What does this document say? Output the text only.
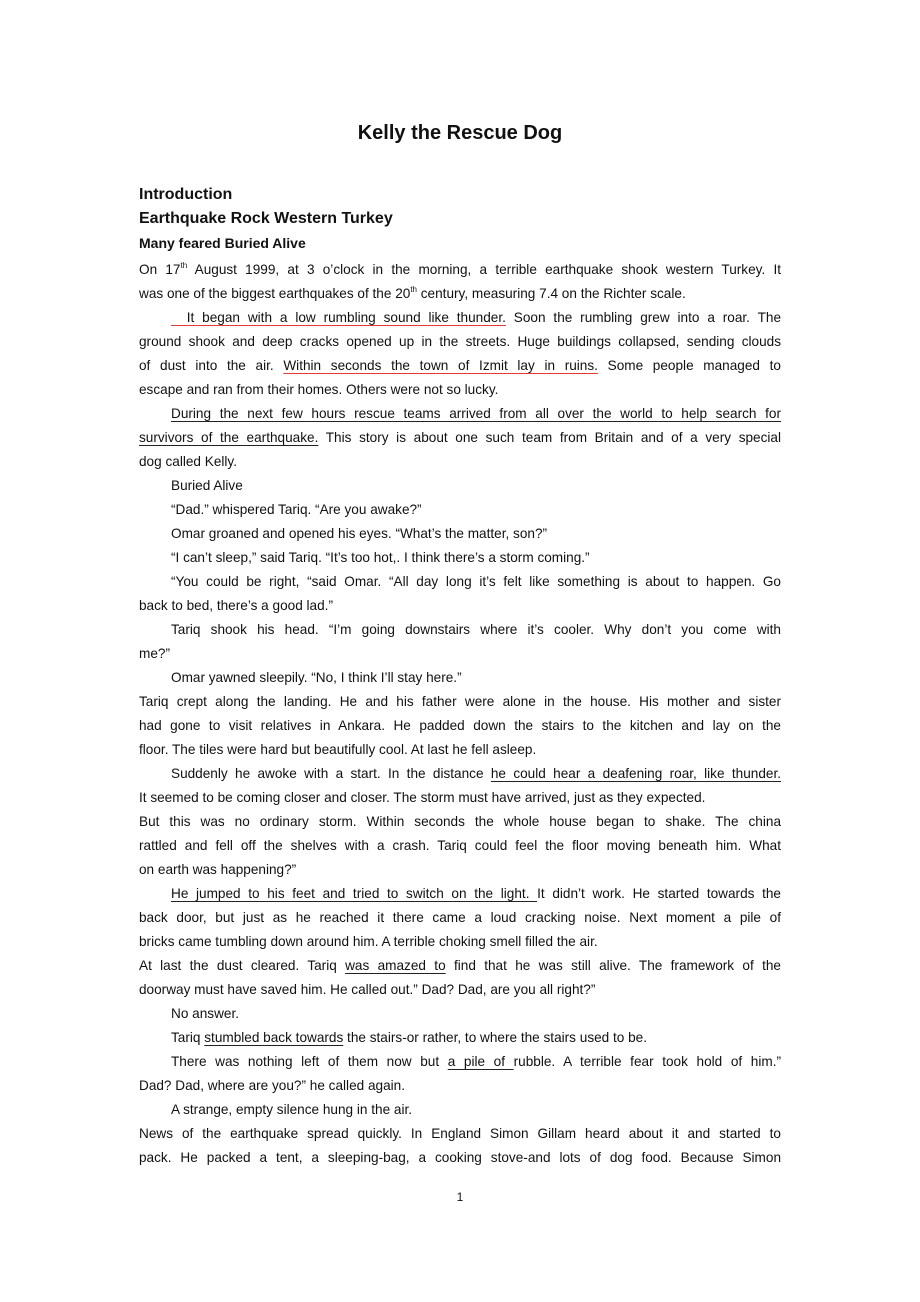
Kelly the Rescue Dog
Introduction
Earthquake Rock Western Turkey
Many feared Buried Alive
On 17th August 1999, at 3 o’clock in the morning, a terrible earthquake shook western Turkey. It
was one of the biggest earthquakes of the 20th century, measuring 7.4 on the Richter scale.
It began with a low rumbling sound like thunder. Soon the rumbling grew into a roar. The
ground shook and deep cracks opened up in the streets. Huge buildings collapsed, sending clouds
of dust into the air. Within seconds the town of Izmit lay in ruins. Some people managed to
escape and ran from their homes. Others were not so lucky.
During the next few hours rescue teams arrived from all over the world to help search for
survivors of the earthquake. This story is about one such team from Britain and of a very special
dog called Kelly.
Buried Alive
“Dad.” whispered Tariq. “Are you awake?”
Omar groaned and opened his eyes. “What’s the matter, son?”
“I can’t sleep,” said Tariq. “It’s too hot,. I think there’s a storm coming.”
“You could be right, “said Omar. “All day long it’s felt like something is about to happen. Go
back to bed, there’s a good lad.”
Tariq shook his head. “I’m going downstairs where it’s cooler. Why don’t you come with
me?”
Omar yawned sleepily. “No, I think I’ll stay here.”
Tariq crept along the landing. He and his father were alone in the house. His mother and sister
had gone to visit relatives in Ankara. He padded down the stairs to the kitchen and lay on the
floor. The tiles were hard but beautifully cool. At last he fell asleep.
Suddenly he awoke with a start. In the distance he could hear a deafening roar, like thunder.
It seemed to be coming closer and closer. The storm must have arrived, just as they expected.
But this was no ordinary storm. Within seconds the whole house began to shake. The china
rattled and fell off the shelves with a crash. Tariq could feel the floor moving beneath him. What
on earth was happening?”
He jumped to his feet and tried to switch on the light. It didn’t work. He started towards the
back door, but just as he reached it there came a loud cracking noise. Next moment a pile of
bricks came tumbling down around him. A terrible choking smell filled the air.
At last the dust cleared. Tariq was amazed to find that he was still alive. The framework of the
doorway must have saved him. He called out.” Dad? Dad, are you all right?”
No answer.
Tariq stumbled back towards the stairs-or rather, to where the stairs used to be.
There was nothing left of them now but a pile of rubble. A terrible fear took hold of him.”
Dad? Dad, where are you?” he called again.
A strange, empty silence hung in the air.
News of the earthquake spread quickly. In England Simon Gillam heard about it and started to
pack. He packed a tent, a sleeping-bag, a cooking stove-and lots of dog food. Because Simon
1
